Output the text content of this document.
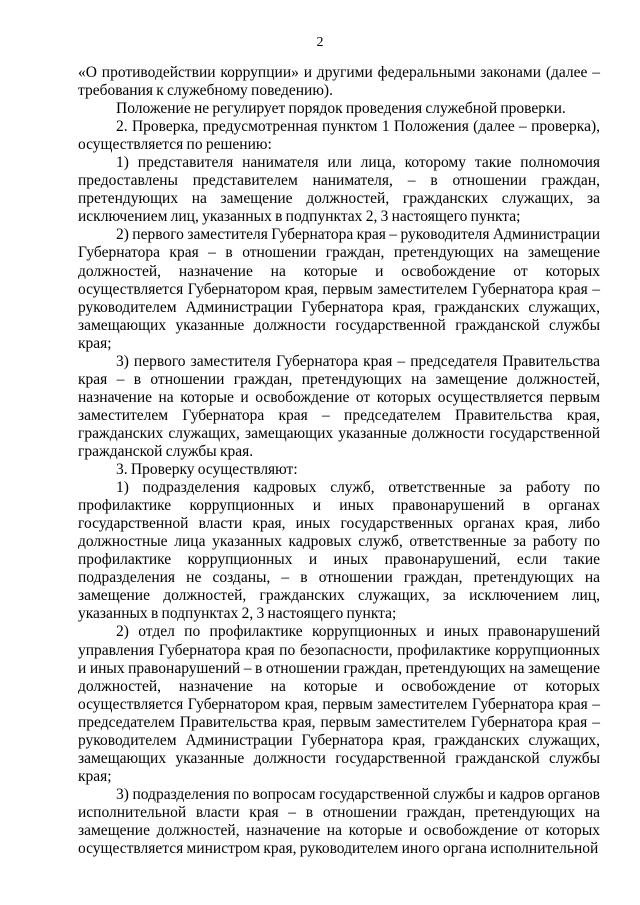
2

«О противодействии коррупции» и другими федеральными законами (далее – требования к служебному поведению).

Положение не регулирует порядок проведения служебной проверки.

2. Проверка, предусмотренная пунктом 1 Положения (далее – проверка), осуществляется по решению:

1) представителя нанимателя или лица, которому такие полномочия предоставлены представителем нанимателя, – в отношении граждан, претендующих на замещение должностей, гражданских служащих, за исключением лиц, указанных в подпунктах 2, 3 настоящего пункта;

2) первого заместителя Губернатора края – руководителя Администрации Губернатора края – в отношении граждан, претендующих на замещение должностей, назначение на которые и освобождение от которых осуществляется Губернатором края, первым заместителем Губернатора края – руководителем Администрации Губернатора края, гражданских служащих, замещающих указанные должности государственной гражданской службы края;

3) первого заместителя Губернатора края – председателя Правительства края – в отношении граждан, претендующих на замещение должностей, назначение на которые и освобождение от которых осуществляется первым заместителем Губернатора края – председателем Правительства края, гражданских служащих, замещающих указанные должности государственной гражданской службы края.

3. Проверку осуществляют:

1) подразделения кадровых служб, ответственные за работу по профилактике коррупционных и иных правонарушений в органах государственной власти края, иных государственных органах края, либо должностные лица указанных кадровых служб, ответственные за работу по профилактике коррупционных и иных правонарушений, если такие подразделения не созданы, – в отношении граждан, претендующих на замещение должностей, гражданских служащих, за исключением лиц, указанных в подпунктах 2, 3 настоящего пункта;

2) отдел по профилактике коррупционных и иных правонарушений управления Губернатора края по безопасности, профилактике коррупционных и иных правонарушений – в отношении граждан, претендующих на замещение должностей, назначение на которые и освобождение от которых осуществляется Губернатором края, первым заместителем Губернатора края – председателем Правительства края, первым заместителем Губернатора края – руководителем Администрации Губернатора края, гражданских служащих, замещающих указанные должности государственной гражданской службы края;

3) подразделения по вопросам государственной службы и кадров органов исполнительной власти края – в отношении граждан, претендующих на замещение должностей, назначение на которые и освобождение от которых осуществляется министром края, руководителем иного органа исполнительной
